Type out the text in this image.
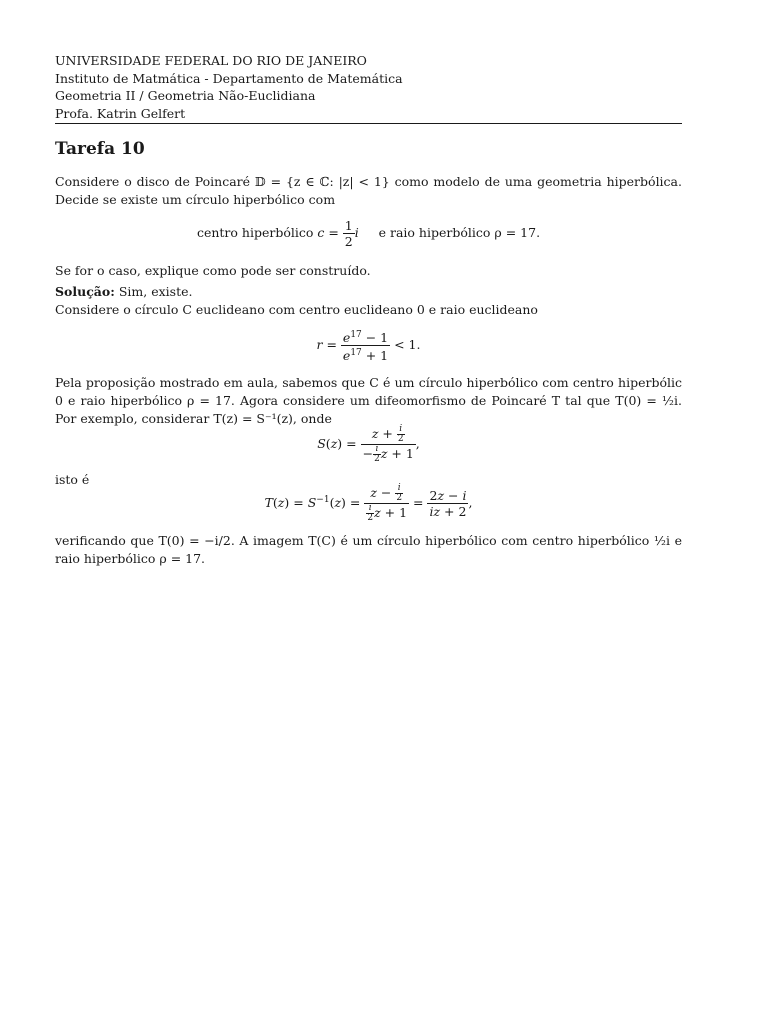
UNIVERSIDADE FEDERAL DO RIO DE JANEIRO
Instituto de Matmática - Departamento de Matemática
Geometria II / Geometria Não-Euclidiana
Profa. Katrin Gelfert
Tarefa 10
Considere o disco de Poincaré 𝔻 = {z ∈ ℂ: |z| < 1} como modelo de uma geometria hiperbólica. Decide se existe um círculo hiperbólico com
centro hiperbólico $c = \frac{1}{2}$ i e raio hiperbólico ρ = 17.
Se for o caso, explique como pode ser construído.
Solução: Sim, existe.
Considere o círculo C euclideano com centro euclideano 0 e raio euclideano
$r = \frac{e^{17} - 1}{e^{17} + 1} < 1$.
Pela proposição mostrado em aula, sabemos que C é um círculo hiperbólico com centro hiperbólic 0 e raio hiperbólico ρ = 17. Agora considere um difeomorfismo de Poincaré T tal que T(0) = ½i. Por exemplo, considerar T(z) = S⁻¹(z), onde
$S(z) = \frac{z + \frac{i}{2}}{- \frac{i}{2} z + 1}$ ,
isto é
$T(z) = S^{-1}(z) = \frac{z - \frac{i}{2}}{\frac{i}{2} z + 1} = \frac{2z - i}{iz + 2}$ ,
verificando que T(0) = −i/2. A imagem T(C) é um círculo hiperbólico com centro hiperbólico ½i e raio hiperbólico ρ = 17.
